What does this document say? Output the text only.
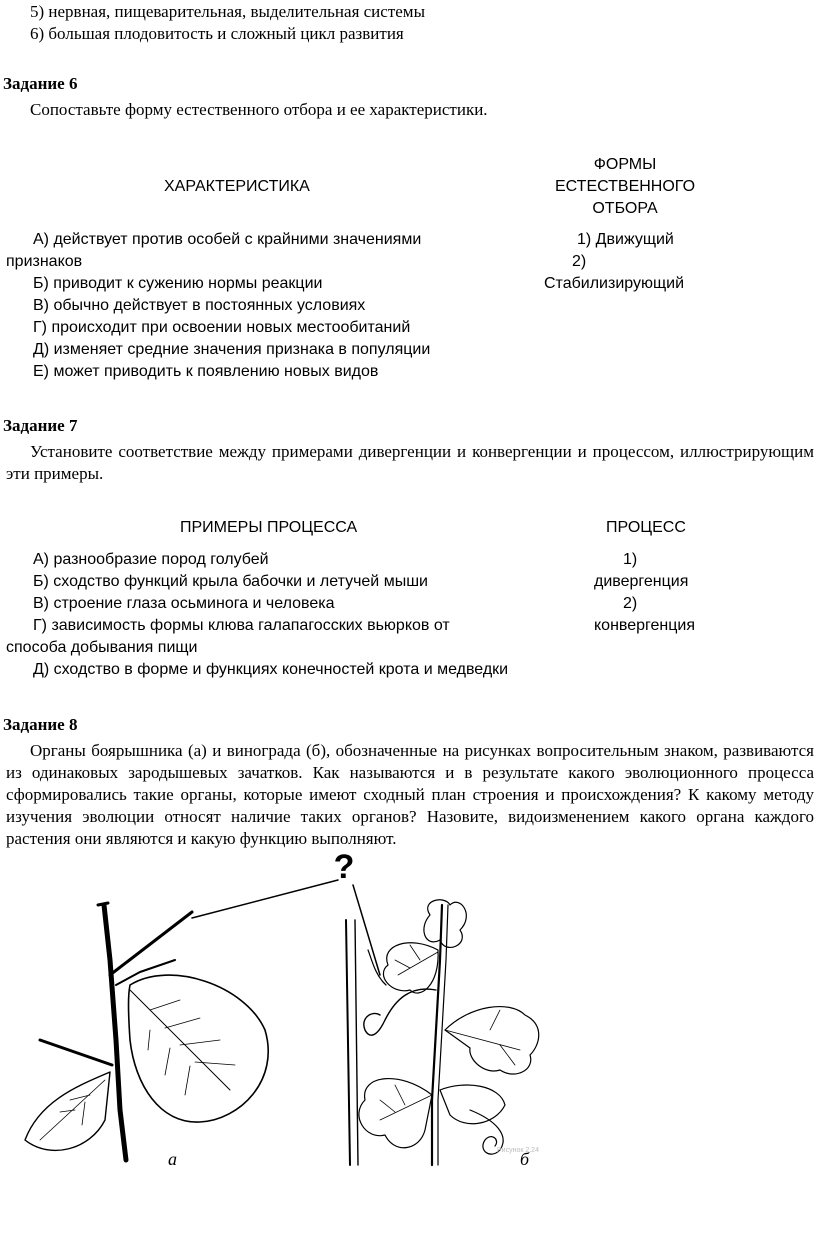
5) нервная, пищеварительная, выделительная системы
6) большая плодовитость и сложный цикл развития
Задание 6
Сопоставьте форму естественного отбора и ее характеристики.
ХАРАКТЕРИСТИКА
ФОРМЫ
ЕСТЕСТВЕННОГО
ОТБОРА
А) действует против особей с крайними значениями
признаков
Б) приводит к сужению нормы реакции
В) обычно действует в постоянных условиях
Г) происходит при освоении новых местообитаний
Д) изменяет средние значения признака в популяции
Е) может приводить к появлению новых видов
1) Движущий
2)
Стабилизирующий
Задание 7
Установите соответствие между примерами дивергенции и конвергенции и процессом, иллюстрирующим эти примеры.
ПРИМЕРЫ ПРОЦЕССА	ПРОЦЕСС
А) разнообразие пород голубей
Б) сходство функций крыла бабочки и летучей мыши
В) строение глаза осьминога и человека
Г) зависимость формы клюва галапагосских вьюрков от
способа добывания пищи
Д) сходство в форме и функциях конечностей крота и медведки
1)
дивергенция
2)
конвергенция
Задание 8
Органы боярышника (а) и винограда (б), обозначенные на рисунках вопросительным знаком, развиваются из одинаковых зародышевых зачатков. Как называются и в результате какого эволюционного процесса сформировались такие органы, которые имеют сходный план строения и происхождения? К какому методу изучения эволюции относят наличие таких органов? Назовите, видоизменением какого органа каждого растения они являются и какую функцию выполняют.
?
а	б
Рисунок 2.24
